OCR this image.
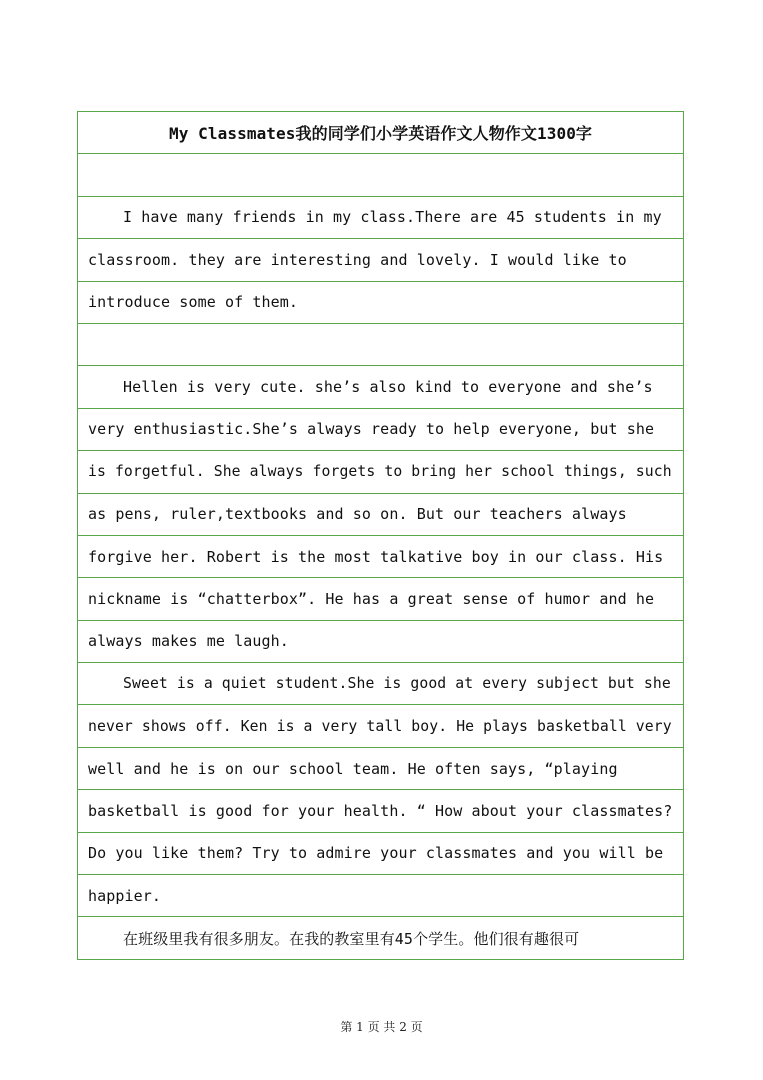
My Classmates我的同学们小学英语作文人物作文1300字
I have many friends in my class.There are 45 students in my
classroom. they are interesting and lovely. I would like to
introduce some of them.
Hellen is very cute. she’s also kind to everyone and she’s
very enthusiastic.She’s always ready to help everyone, but she
is forgetful. She always forgets to bring her school things, such
as pens, ruler,textbooks and so on. But our teachers always
forgive her. Robert is the most talkative boy in our class. His
nickname is “chatterbox”. He has a great sense of humor and he
always makes me laugh.
Sweet is a quiet student.She is good at every subject but she
never shows off. Ken is a very tall boy. He plays basketball very
well and he is on our school team. He often says, “playing
basketball is good for your health. “ How about your classmates?
Do you like them? Try to admire your classmates and you will be
happier.
在班级里我有很多朋友。在我的教室里有45个学生。他们很有趣很可
第 1 页 共 2 页
